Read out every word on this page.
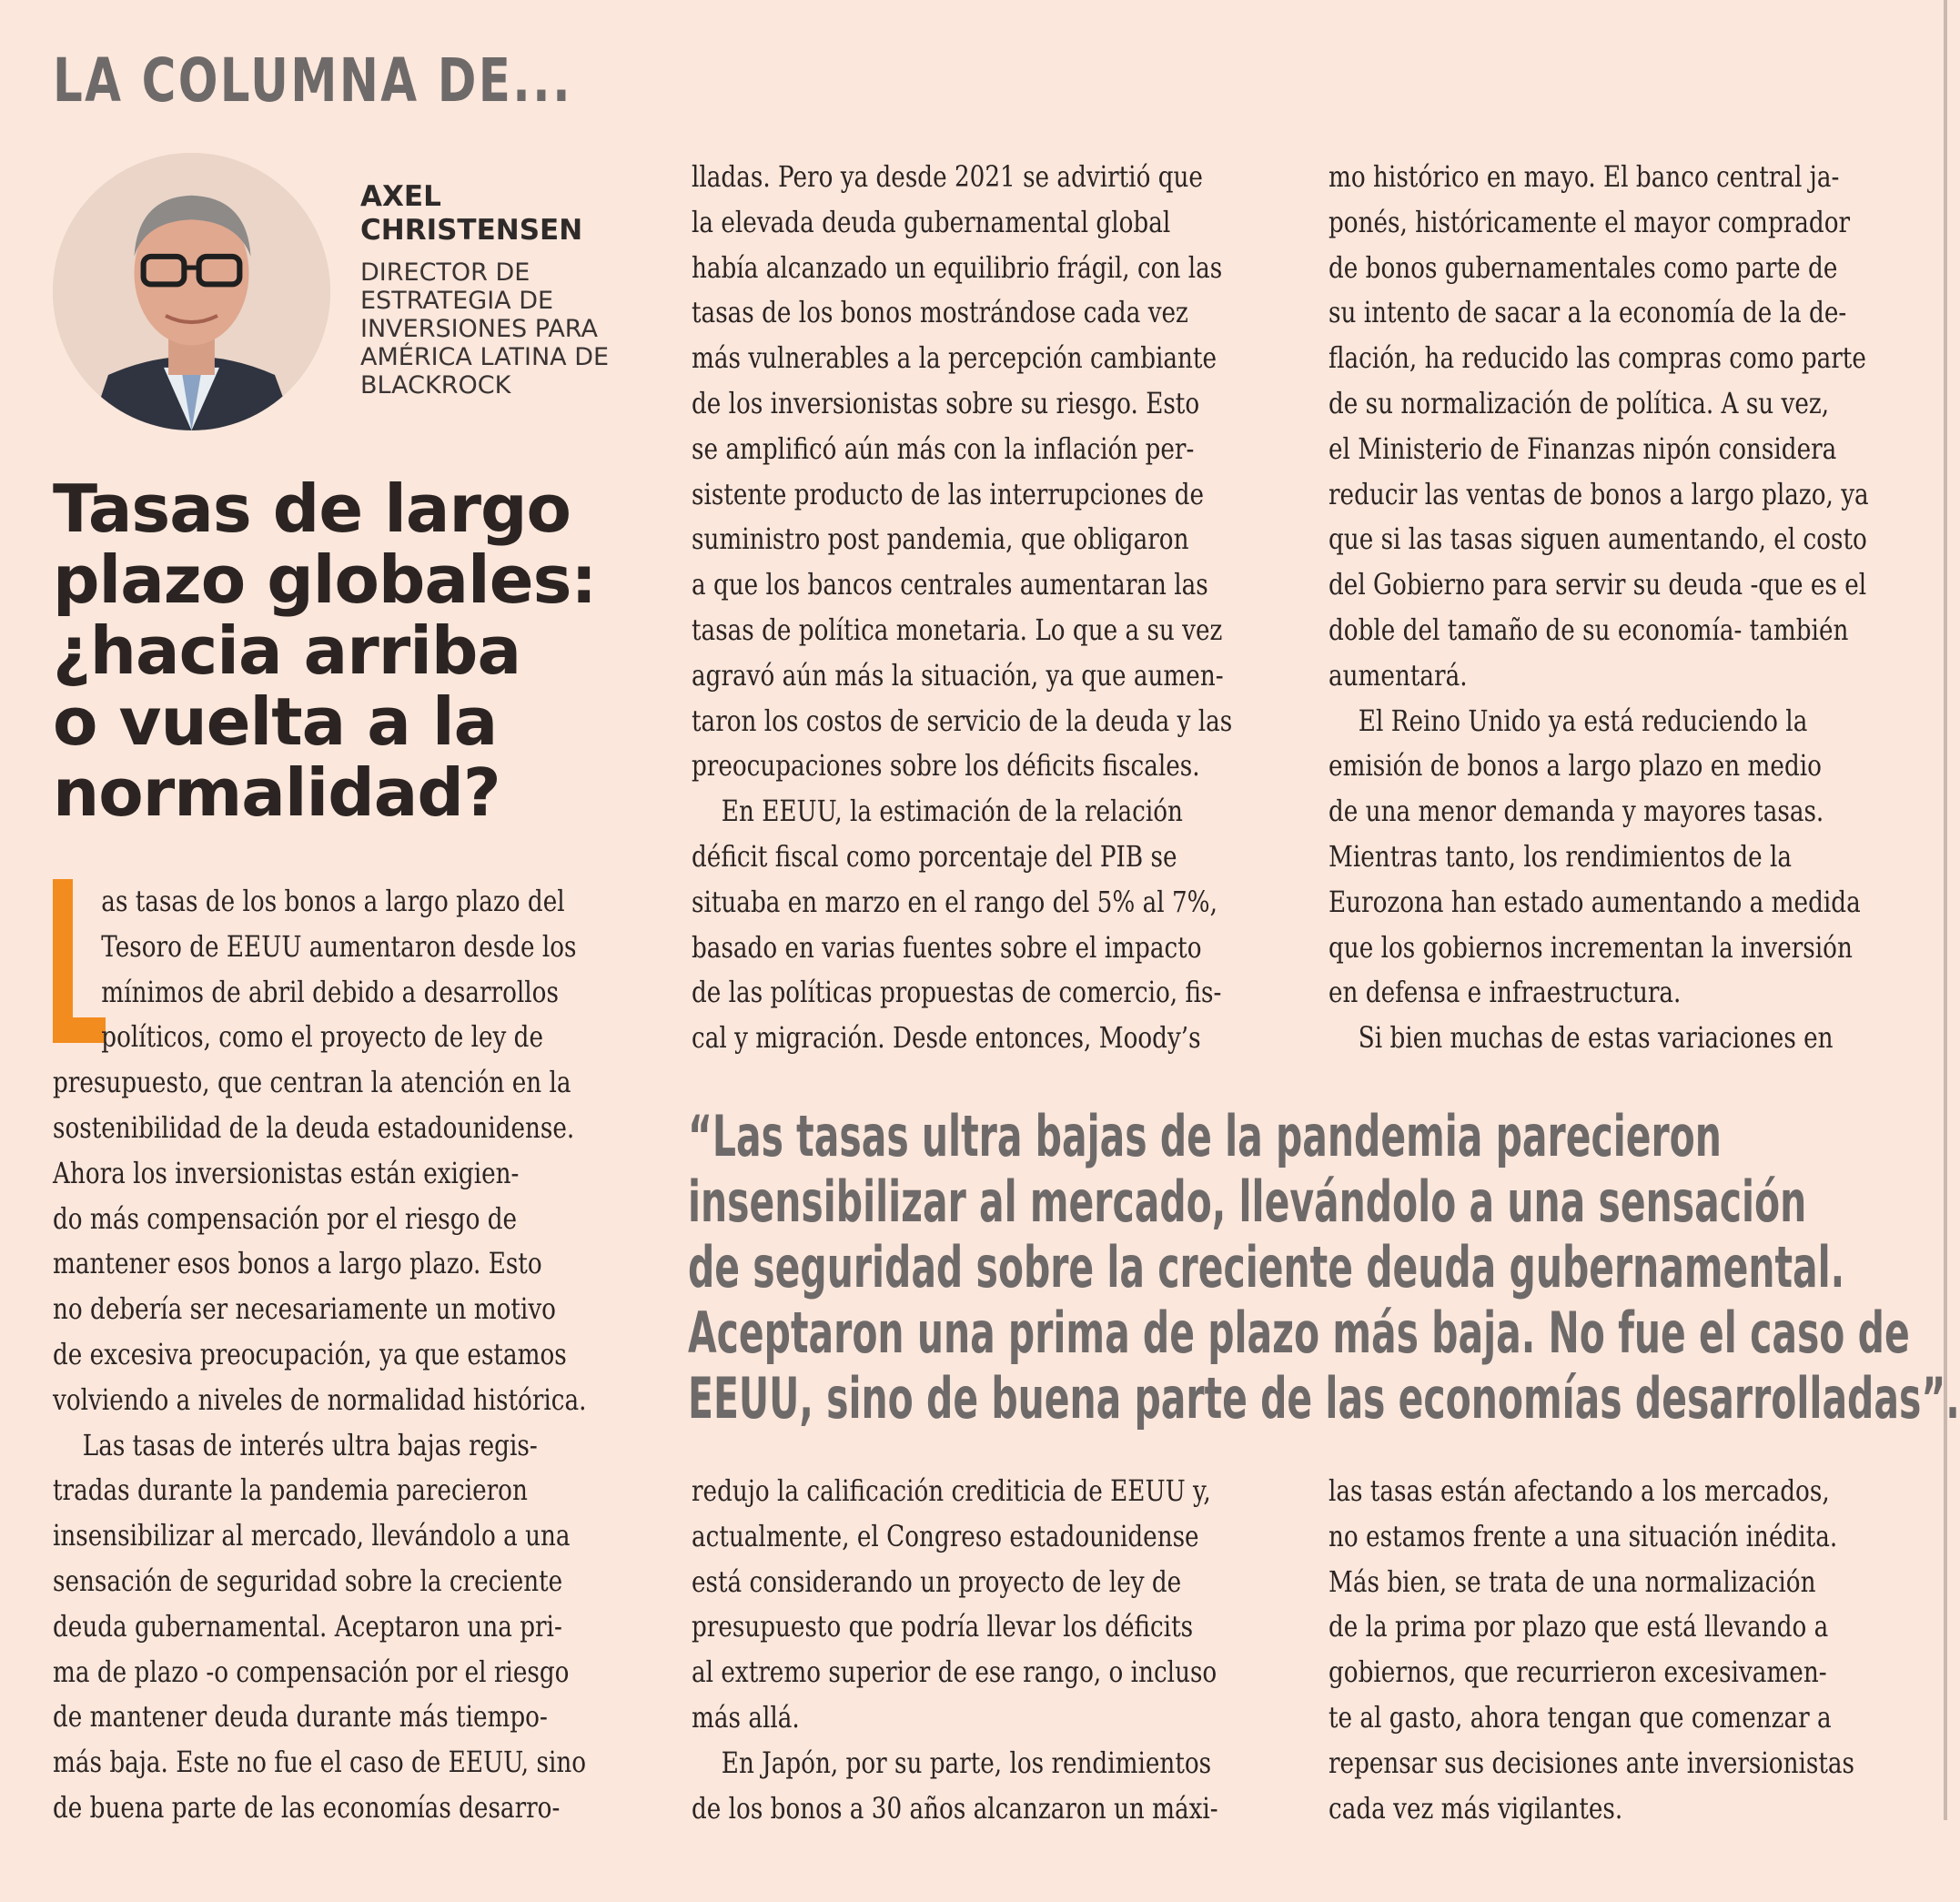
LA COLUMNA DE...
AXEL
CHRISTENSEN
DIRECTOR DE
ESTRATEGIA DE
INVERSIONES PARA
AMÉRICA LATINA DE
BLACKROCK
Tasas de largo
plazo globales:
¿hacia arriba
o vuelta a la
normalidad?
as tasas de los bonos a largo plazo del
Tesoro de EEUU aumentaron desde los
mínimos de abril debido a desarrollos
políticos, como el proyecto de ley de
presupuesto, que centran la atención en la
sostenibilidad de la deuda estadounidense.
Ahora los inversionistas están exigien-
do más compensación por el riesgo de
mantener esos bonos a largo plazo. Esto
no debería ser necesariamente un motivo
de excesiva preocupación, ya que estamos
volviendo a niveles de normalidad histórica.
Las tasas de interés ultra bajas regis-
tradas durante la pandemia parecieron
insensibilizar al mercado, llevándolo a una
sensación de seguridad sobre la creciente
deuda gubernamental. Aceptaron una pri-
ma de plazo -o compensación por el riesgo
de mantener deuda durante más tiempo-
más baja. Este no fue el caso de EEUU, sino
de buena parte de las economías desarro-
lladas. Pero ya desde 2021 se advirtió que
la elevada deuda gubernamental global
había alcanzado un equilibrio frágil, con las
tasas de los bonos mostrándose cada vez
más vulnerables a la percepción cambiante
de los inversionistas sobre su riesgo. Esto
se amplificó aún más con la inflación per-
sistente producto de las interrupciones de
suministro post pandemia, que obligaron
a que los bancos centrales aumentaran las
tasas de política monetaria. Lo que a su vez
agravó aún más la situación, ya que aumen-
taron los costos de servicio de la deuda y las
preocupaciones sobre los déficits fiscales.
En EEUU, la estimación de la relación
déficit fiscal como porcentaje del PIB se
situaba en marzo en el rango del 5% al 7%,
basado en varias fuentes sobre el impacto
de las políticas propuestas de comercio, fis-
cal y migración. Desde entonces, Moody’s
mo histórico en mayo. El banco central ja-
ponés, históricamente el mayor comprador
de bonos gubernamentales como parte de
su intento de sacar a la economía de la de-
flación, ha reducido las compras como parte
de su normalización de política. A su vez,
el Ministerio de Finanzas nipón considera
reducir las ventas de bonos a largo plazo, ya
que si las tasas siguen aumentando, el costo
del Gobierno para servir su deuda -que es el
doble del tamaño de su economía- también
aumentará.
El Reino Unido ya está reduciendo la
emisión de bonos a largo plazo en medio
de una menor demanda y mayores tasas.
Mientras tanto, los rendimientos de la
Eurozona han estado aumentando a medida
que los gobiernos incrementan la inversión
en defensa e infraestructura.
Si bien muchas de estas variaciones en
“Las tasas ultra bajas de la pandemia parecieron
insensibilizar al mercado, llevándolo a una sensación
de seguridad sobre la creciente deuda gubernamental.
Aceptaron una prima de plazo más baja. No fue el caso de
EEUU, sino de buena parte de las economías desarrolladas”.
redujo la calificación crediticia de EEUU y,
actualmente, el Congreso estadounidense
está considerando un proyecto de ley de
presupuesto que podría llevar los déficits
al extremo superior de ese rango, o incluso
más allá.
En Japón, por su parte, los rendimientos
de los bonos a 30 años alcanzaron un máxi-
las tasas están afectando a los mercados,
no estamos frente a una situación inédita.
Más bien, se trata de una normalización
de la prima por plazo que está llevando a
gobiernos, que recurrieron excesivamen-
te al gasto, ahora tengan que comenzar a
repensar sus decisiones ante inversionistas
cada vez más vigilantes.
